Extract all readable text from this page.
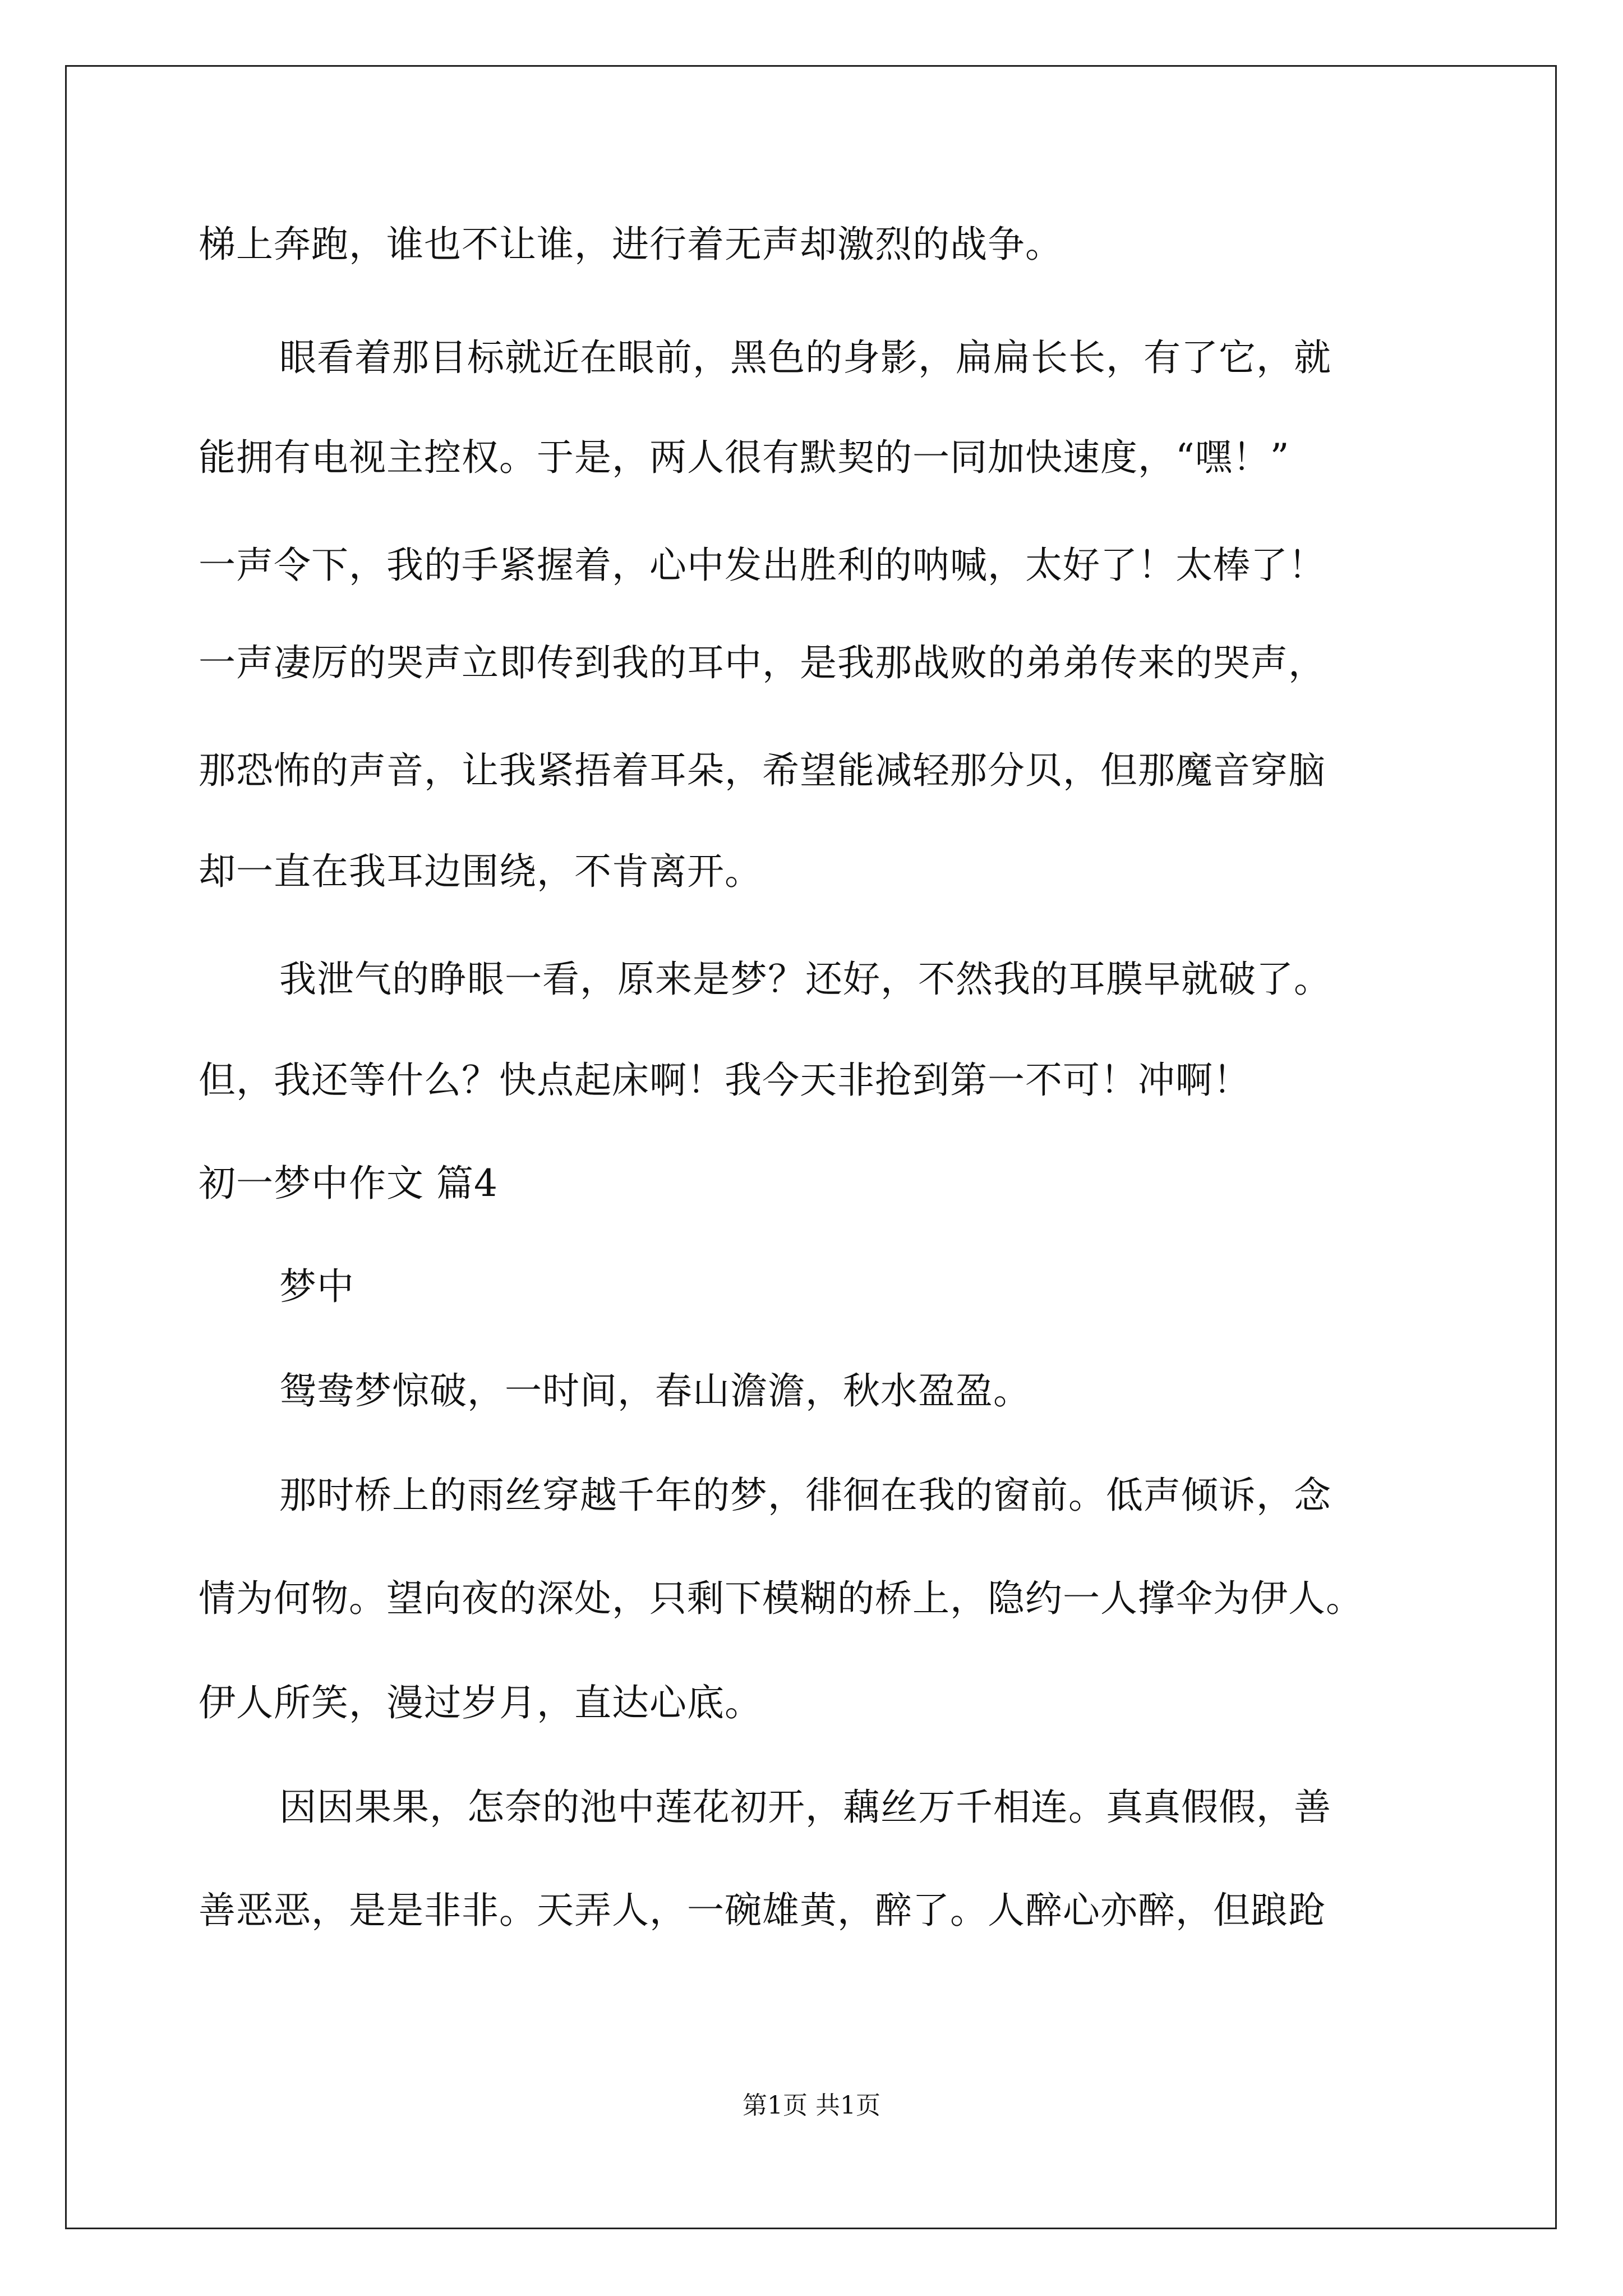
梯上奔跑，谁也不让谁，进行着无声却激烈的战争。
眼看着那目标就近在眼前，黑色的身影，扁扁长长，有了它，就
能拥有电视主控权。于是，两人很有默契的一同加快速度，“嘿！”
一声令下，我的手紧握着，心中发出胜利的呐喊，太好了！太棒了！
一声凄厉的哭声立即传到我的耳中，是我那战败的弟弟传来的哭声，
那恐怖的声音，让我紧捂着耳朵，希望能减轻那分贝，但那魔音穿脑
却一直在我耳边围绕，不肯离开。
我泄气的睁眼一看，原来是梦？还好，不然我的耳膜早就破了。
但，我还等什么？快点起床啊！我今天非抢到第一不可！冲啊！
初一梦中作文 篇4
梦中
鸳鸯梦惊破，一时间，春山澹澹，秋水盈盈。
那时桥上的雨丝穿越千年的梦，徘徊在我的窗前。低声倾诉，念
情为何物。望向夜的深处，只剩下模糊的桥上，隐约一人撑伞为伊人。
伊人所笑，漫过岁月，直达心底。
因因果果，怎奈的池中莲花初开，藕丝万千相连。真真假假，善
善恶恶，是是非非。天弄人，一碗雄黄，醉了。人醉心亦醉，但踉跄
第1页 共1页
